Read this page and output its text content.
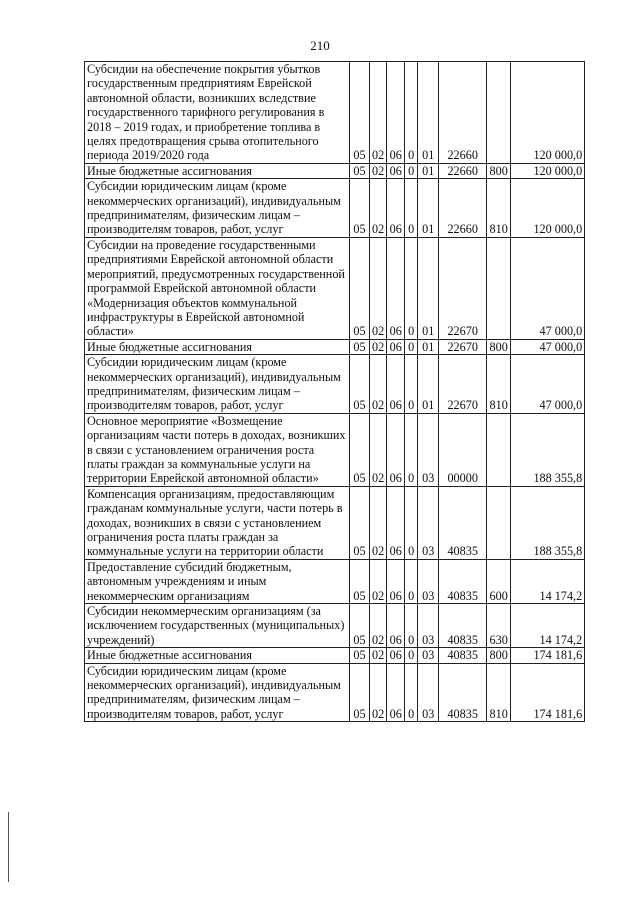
210
Субсидии на обеспечение покрытия убытков государственным предприятиям Еврейской автономной области, возникших вследствие государственного тарифного регулирования в 2018 – 2019 годах, и приобретение топлива в целях предотвращения срыва отопительного периода 2019/2020 года	05	02	06	0	01	22660		120 000,0
Иные бюджетные ассигнования	05	02	06	0	01	22660	800	120 000,0
Субсидии юридическим лицам (кроме некоммерческих организаций), индивидуальным предпринимателям, физическим лицам – производителям товаров, работ, услуг	05	02	06	0	01	22660	810	120 000,0
Субсидии на проведение государственными предприятиями Еврейской автономной области мероприятий, предусмотренных государственной программой Еврейской автономной области «Модернизация объектов коммунальной инфраструктуры в Еврейской автономной области»	05	02	06	0	01	22670		47 000,0
Иные бюджетные ассигнования	05	02	06	0	01	22670	800	47 000,0
Субсидии юридическим лицам (кроме некоммерческих организаций), индивидуальным предпринимателям, физическим лицам – производителям товаров, работ, услуг	05	02	06	0	01	22670	810	47 000,0
Основное мероприятие «Возмещение организациям части потерь в доходах, возникших в связи с установлением ограничения роста платы граждан за коммунальные услуги на территории Еврейской автономной области»	05	02	06	0	03	00000		188 355,8
Компенсация организациям, предоставляющим гражданам коммунальные услуги, части потерь в доходах, возникших в связи с установлением ограничения роста платы граждан за коммунальные услуги на территории области	05	02	06	0	03	40835		188 355,8
Предоставление субсидий бюджетным, автономным учреждениям и иным некоммерческим организациям	05	02	06	0	03	40835	600	14 174,2
Субсидии некоммерческим организациям (за исключением государственных (муниципальных) учреждений)	05	02	06	0	03	40835	630	14 174,2
Иные бюджетные ассигнования	05	02	06	0	03	40835	800	174 181,6
Субсидии юридическим лицам (кроме некоммерческих организаций), индивидуальным предпринимателям, физическим лицам – производителям товаров, работ, услуг	05	02	06	0	03	40835	810	174 181,6
